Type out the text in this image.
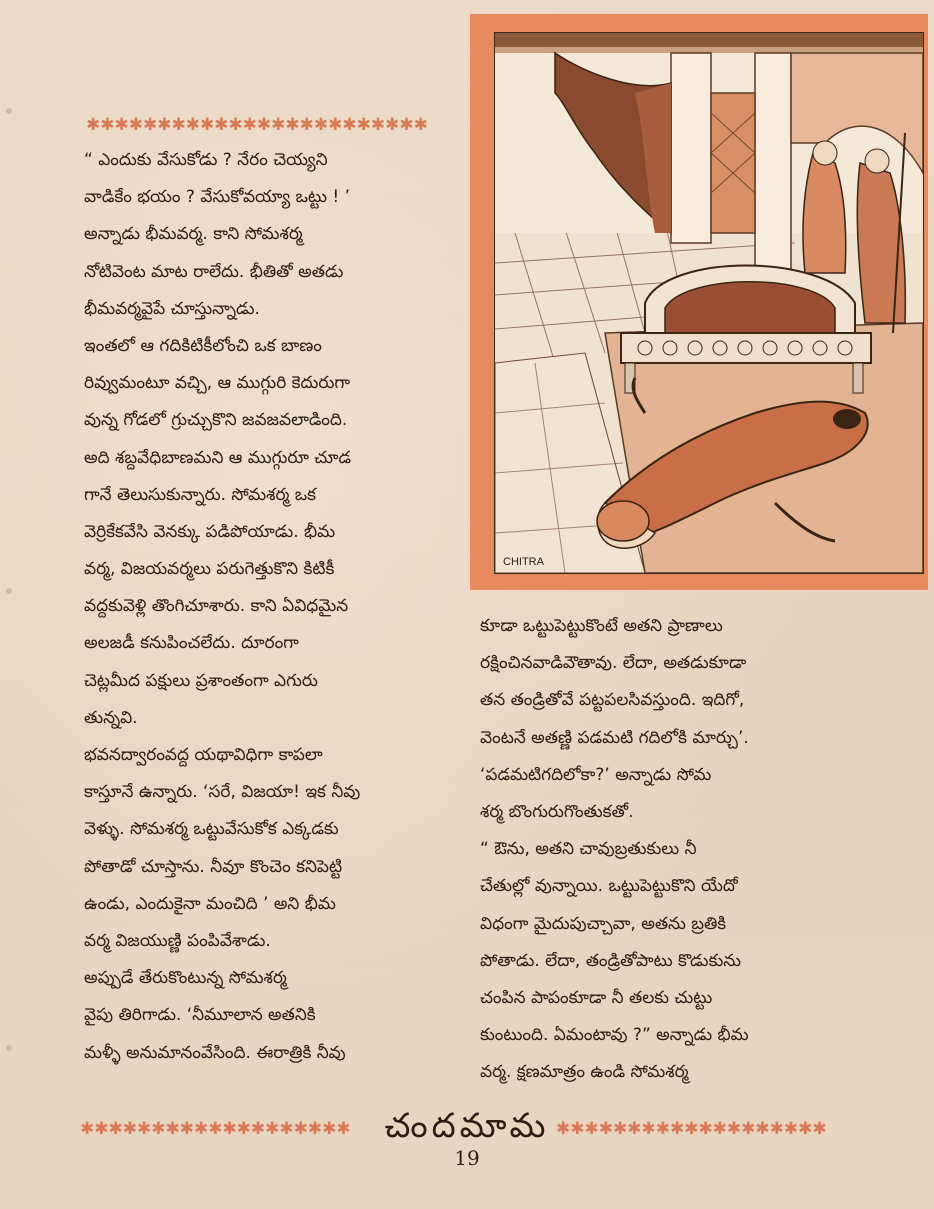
✱✱✱✱✱✱✱✱✱✱✱✱✱✱✱✱✱✱✱✱✱✱✱✱
“ ఎందుకు వేసుకోడు ? నేరం చెయ్యని
వాడికేం భయం ? వేసుకోవయ్యా ఒట్టు ! ’
అన్నాడు భీమవర్మ. కాని సోమశర్మ
నోటివెంట మాట రాలేదు. భీతితో అతడు
భీమవర్మవైపే చూస్తున్నాడు.
ఇంతలో ఆ గదికిటికీలోంచి ఒక బాణం
రివ్వుమంటూ వచ్చి, ఆ ముగ్గురి కెదురుగా
వున్న గోడలో గ్రుచ్చుకొని జవజవలాడింది.
అది శబ్దవేధిబాణమని ఆ ముగ్గురూ చూడ
గానే తెలుసుకున్నారు. సోమశర్మ ఒక
వెర్రికేకవేసి వెనక్కు పడిపోయాడు. భీమ
వర్మ, విజయవర్మలు పరుగెత్తుకొని కిటికీ
వద్దకువెళ్లి తొంగిచూశారు. కాని ఏవిధమైన
అలజడీ కనుపించలేదు. దూరంగా
చెట్లమీద పక్షులు ప్రశాంతంగా ఎగురు
తున్నవి.
భవనద్వారంవద్ద యథావిధిగా కాపలా
కాస్తూనే ఉన్నారు. ‘సరే, విజయా! ఇక నీవు
వెళ్ళు. సోమశర్మ ఒట్టువేసుకోక ఎక్కడకు
పోతాడో చూస్తాను. నీవూ కొంచెం కనిపెట్టి
ఉండు, ఎందుకైనా మంచిది ’ అని భీమ
వర్మ విజయుణ్ణి పంపివేశాడు.
అప్పుడే తేరుకొంటున్న సోమశర్మ
వైపు తిరిగాడు. ‘నీమూలాన అతనికి
మళ్ళీ అనుమానంవేసింది. ఈరాత్రికి నీవు
CHITRA
కూడా ఒట్టుపెట్టుకొంటే అతని ప్రాణాలు
రక్షించినవాడివౌతావు. లేదా, అతడుకూడా
తన తండ్రితోవే పట్టపలసివస్తుంది. ఇదిగో,
వెంటనే అతణ్ణి పడమటి గదిలోకి మార్చు’.
‘పడమటిగదిలోకా?’ అన్నాడు సోమ
శర్మ బొంగురుగొంతుకతో.
“ ఔను, అతని చావుబ్రతుకులు నీ
చేతుల్లో వున్నాయి. ఒట్టుపెట్టుకొని యేదో
విధంగా మైదుపుచ్చావా, అతను బ్రతికి
పోతాడు. లేదా, తండ్రితోపాటు కొడుకును
చంపిన పాపంకూడా నీ తలకు చుట్టు
కుంటుంది. ఏమంటావు ?” అన్నాడు భీమ
వర్మ. క్షణమాత్రం ఉండి సోమశర్మ
✱✱✱✱✱✱✱✱✱✱✱✱✱✱✱✱✱✱✱ చందమామ ✱✱✱✱✱✱✱✱✱✱✱✱✱✱✱✱✱✱✱
19
